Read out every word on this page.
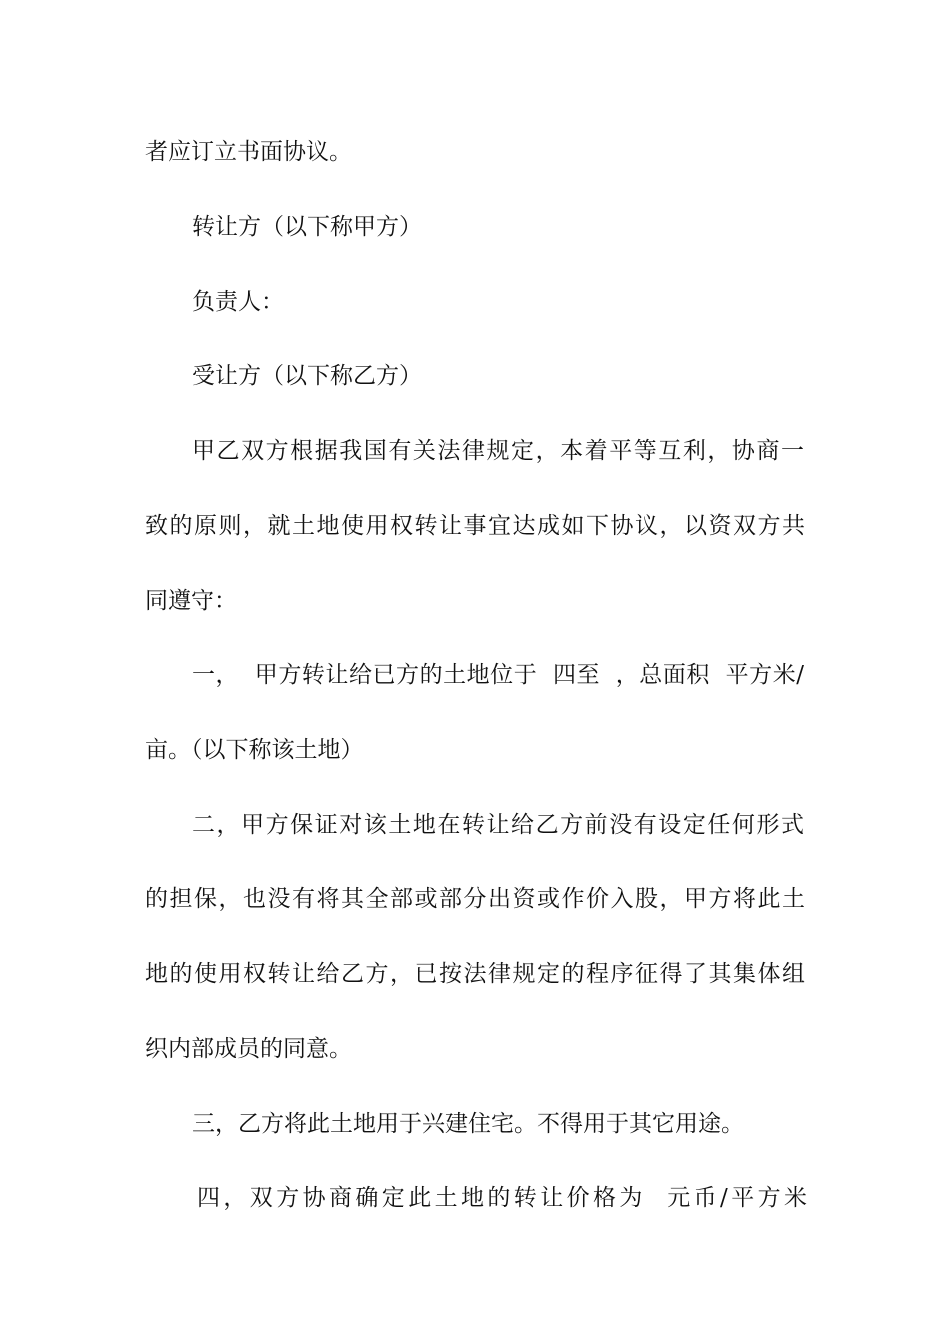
者应订立书面协议。
转让方（以下称甲方）
负责人：
受让方（以下称乙方）
甲乙双方根据我国有关法律规定，本着平等互利，协商一
致的原则，就土地使用权转让事宜达成如下协议，以资双方共
同遵守：
一，  甲方转让给已方的土地位于  四至  ，总面积  平方米/
亩。（以下称该土地）
二，甲方保证对该土地在转让给乙方前没有设定任何形式
的担保，也没有将其全部或部分出资或作价入股，甲方将此土
地的使用权转让给乙方，已按法律规定的程序征得了其集体组
织内部成员的同意。
三，乙方将此土地用于兴建住宅。不得用于其它用途。
四，双方协商确定此土地的转让价格为  元币/平方米
